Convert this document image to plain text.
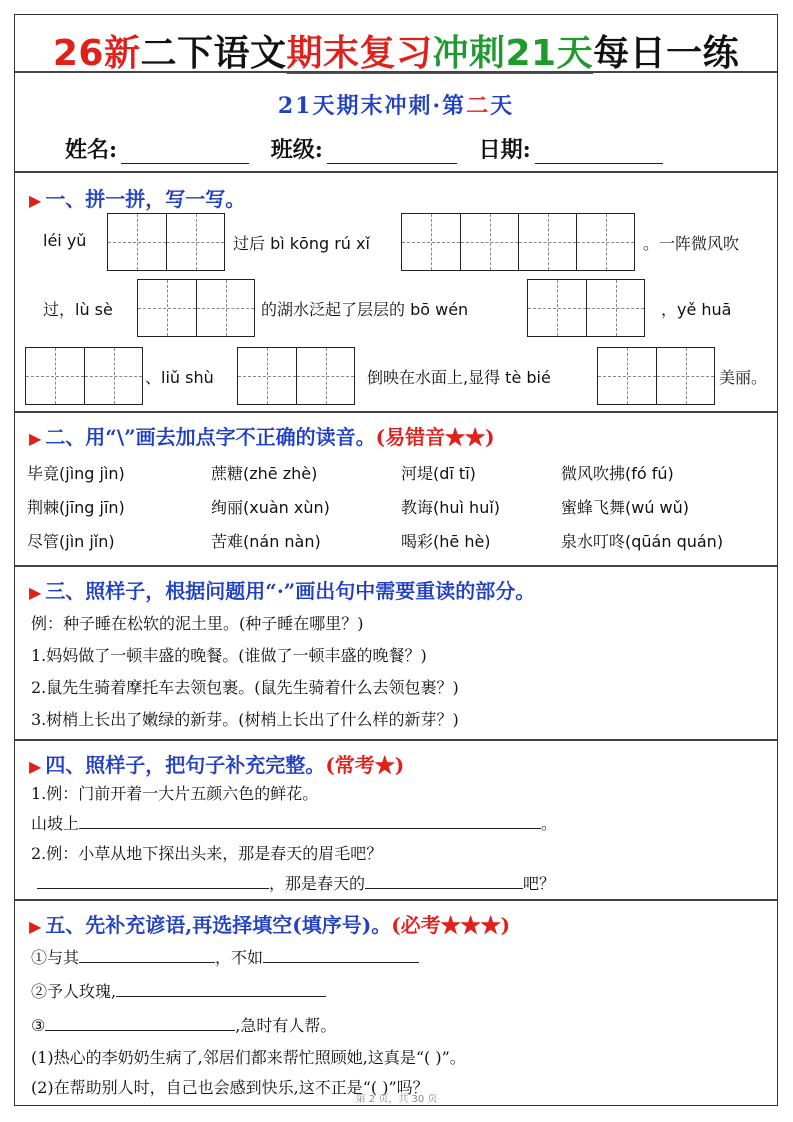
26新二下语文期末复习冲刺21天每日一练
21天期末冲刺·第二天
姓名:	班级:	日期:
▶ 一、拼一拼，写一写。
léi yǔ	过后 bì kōng rú xǐ	。一阵微风吹
过，lù sè	的湖水泛起了层层的 bō wén	，yě huā
、liǔ shù	倒映在水面上,显得 tè bié	美丽。
▶ 二、用“\”画去加点字不正确的读音。(易错音★★)
毕竟(jìng jìn)	蔗糖(zhē zhè)	河堤(dī tī)	微风吹拂(fó fú)
荆棘(jīng jīn)	绚丽(xuàn xùn)	教诲(huì huǐ)	蜜蜂飞舞(wú wǔ)
尽管(jìn jǐn)	苦难(nán nàn)	喝彩(hē hè)	泉水叮咚(qūán quán)
▶ 三、照样子，根据问题用“·”画出句中需要重读的部分。
例：种子睡在松软的泥土里。(种子睡在哪里？)
1.妈妈做了一顿丰盛的晚餐。(谁做了一顿丰盛的晚餐？)
2.鼠先生骑着摩托车去领包裹。(鼠先生骑着什么去领包裹？)
3.树梢上长出了嫩绿的新芽。(树梢上长出了什么样的新芽？)
▶ 四、照样子，把句子补充完整。(常考★)
1.例：门前开着一大片五颜六色的鲜花。
山坡上	。
2.例：小草从地下探出头来，那是春天的眉毛吧？
，那是春天的	吧？
▶ 五、先补充谚语,再选择填空(填序号)。(必考★★★)
①与其	，不如
②予人玫瑰,
③	,急时有人帮。
(1)热心的李奶奶生病了,邻居们都来帮忙照顾她,这真是“( )”。
(2)在帮助别人时，自己也会感到快乐,这不正是“( )”吗？
第 2 页，共 30 页
